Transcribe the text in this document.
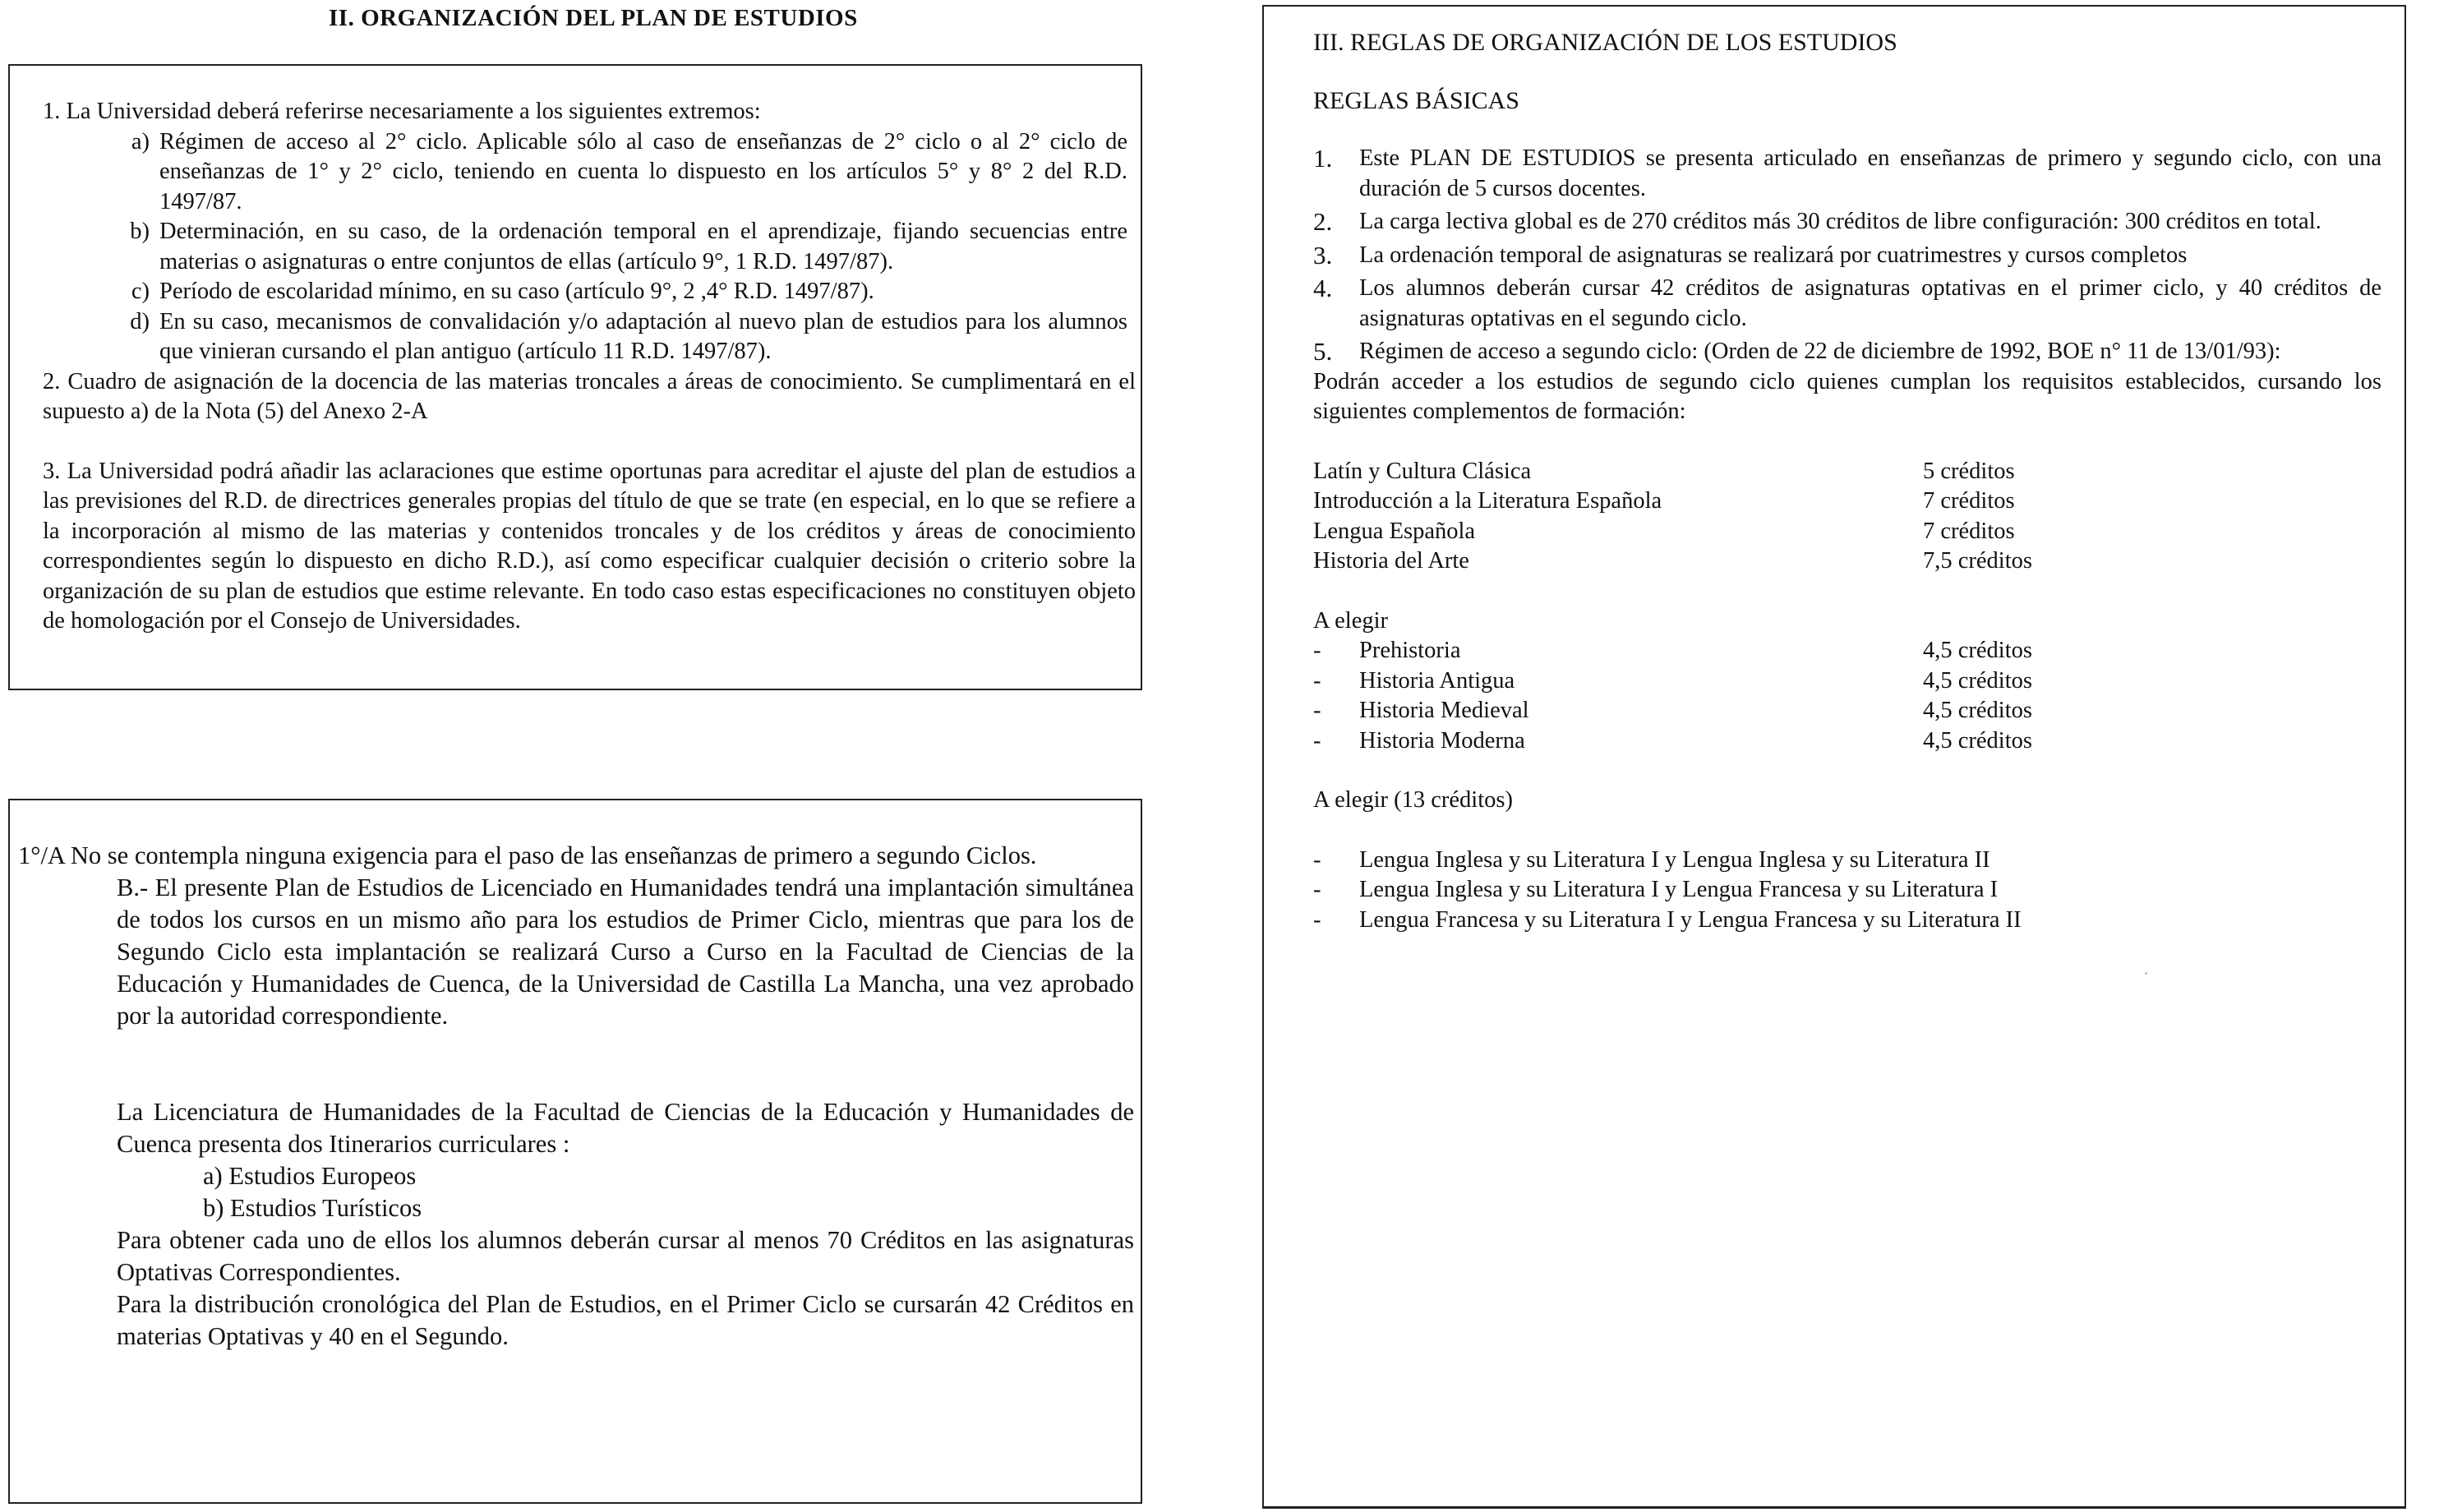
II. ORGANIZACIÓN DEL PLAN DE ESTUDIOS
1. La Universidad deberá referirse necesariamente a los siguientes extremos:
a) Régimen de acceso al 2° ciclo. Aplicable sólo al caso de enseñanzas de 2° ciclo o al 2° ciclo de enseñanzas de 1° y 2° ciclo, teniendo en cuenta lo dispuesto en los artículos 5° y 8° 2 del R.D. 1497/87.
b) Determinación, en su caso, de la ordenación temporal en el aprendizaje, fijando secuencias entre materias o asignaturas o entre conjuntos de ellas (artículo 9°, 1 R.D. 1497/87).
c) Período de escolaridad mínimo, en su caso (artículo 9°, 2 ,4° R.D. 1497/87).
d) En su caso, mecanismos de convalidación y/o adaptación al nuevo plan de estudios para los alumnos que vinieran cursando el plan antiguo (artículo 11 R.D. 1497/87).
2. Cuadro de asignación de la docencia de las materias troncales a áreas de conocimiento. Se cumplimentará en el supuesto a) de la Nota (5) del Anexo 2-A
3. La Universidad podrá añadir las aclaraciones que estime oportunas para acreditar el ajuste del plan de estudios a las previsiones del R.D. de directrices generales propias del título de que se trate (en especial, en lo que se refiere a la incorporación al mismo de las materias y contenidos troncales y de los créditos y áreas de conocimiento correspondientes según lo dispuesto en dicho R.D.), así como especificar cualquier decisión o criterio sobre la organización de su plan de estudios que estime relevante. En todo caso estas especificaciones no constituyen objeto de homologación por el Consejo de Universidades.
1°/A No se contempla ninguna exigencia para el paso de las enseñanzas de primero a segundo Ciclos.
B.- El presente Plan de Estudios de Licenciado en Humanidades tendrá una implantación simultánea de todos los cursos en un mismo año para los estudios de Primer Ciclo, mientras que para los de Segundo Ciclo esta implantación se realizará Curso a Curso en la Facultad de Ciencias de la Educación y Humanidades de Cuenca, de la Universidad de Castilla La Mancha, una vez aprobado por la autoridad correspondiente.
La Licenciatura de Humanidades de la Facultad de Ciencias de la Educación y Humanidades de Cuenca presenta dos Itinerarios curriculares :
a) Estudios Europeos
b) Estudios Turísticos
Para obtener cada uno de ellos los alumnos deberán cursar al menos 70 Créditos en las asignaturas Optativas Correspondientes.
Para la distribución cronológica del Plan de Estudios, en el Primer Ciclo se cursarán 42 Créditos en materias Optativas y 40 en el Segundo.
III. REGLAS DE ORGANIZACIÓN DE LOS ESTUDIOS
REGLAS BÁSICAS
1.	Este PLAN DE ESTUDIOS se presenta articulado en enseñanzas de primero y segundo ciclo, con una duración de 5 cursos docentes.
2.	La carga lectiva global es de 270 créditos más 30 créditos de libre configuración: 300 créditos en total.
3.	La ordenación temporal de asignaturas se realizará por cuatrimestres y cursos completos
4.	Los alumnos deberán cursar 42 créditos de asignaturas optativas en el primer ciclo, y 40 créditos de asignaturas optativas en el segundo ciclo.
5.	Régimen de acceso a segundo ciclo: (Orden de 22 de diciembre de 1992, BOE n° 11 de 13/01/93):
Podrán acceder a los estudios de segundo ciclo quienes cumplan los requisitos establecidos, cursando los siguientes complementos de formación:
Latín y Cultura Clásica	5 créditos
Introducción a la Literatura Española	7 créditos
Lengua Española	7 créditos
Historia del Arte	7,5 créditos
A elegir
-	Prehistoria	4,5 créditos
-	Historia Antigua	4,5 créditos
-	Historia Medieval	4,5 créditos
-	Historia Moderna	4,5 créditos
A elegir (13 créditos)
-	Lengua Inglesa y su Literatura I y Lengua Inglesa y su Literatura II
-	Lengua Inglesa y su Literatura I y Lengua Francesa y su Literatura I
-	Lengua Francesa y su Literatura I y Lengua Francesa y su Literatura II
